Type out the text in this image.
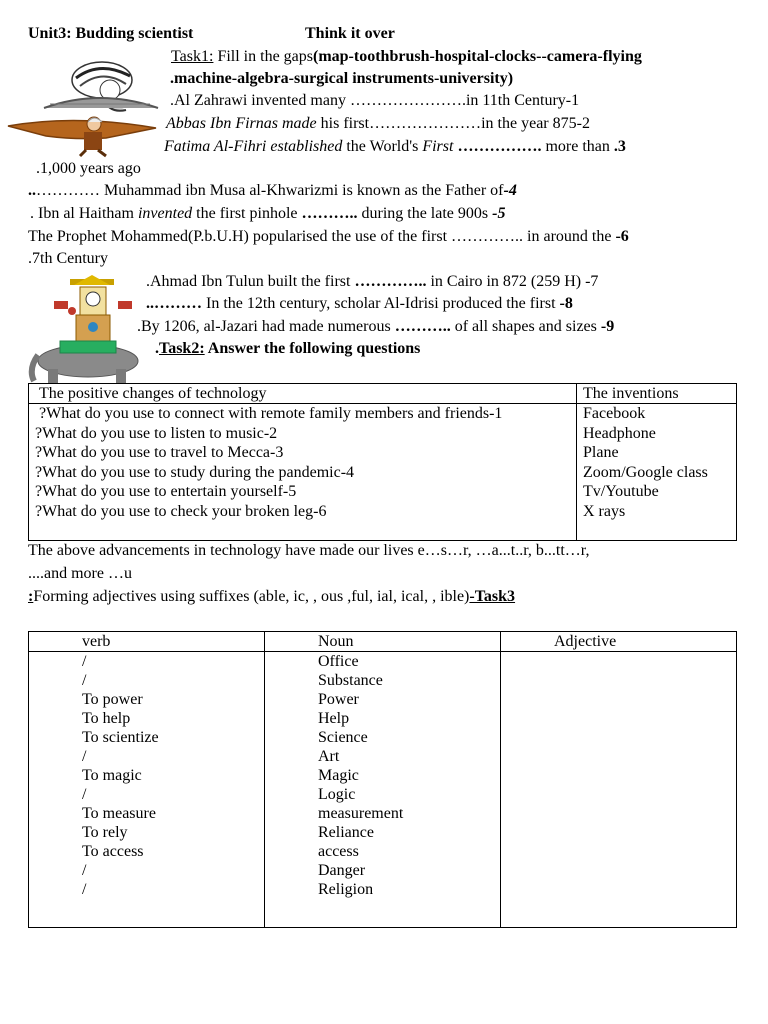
Unit3: Budding scientist	Think it over
Task1: Fill in the gaps(map-toothbrush-hospital-clocks--camera-flying
.machine-algebra-surgical instruments-university)
.Al Zahrawi invented many ………………….in 11th Century-1
Abbas Ibn Firnas made his first…………………in the year 875-2
Fatima Al-Fihri established the World's First ……………. more than .3
.1,000 years ago
..………… Muhammad ibn Musa al-Khwarizmi is known as the Father of-4
. Ibn al Haitham invented the first pinhole ……….. during the late 900s -5
The Prophet Mohammed(P.b.U.H) popularised the use of the first ………….. in around the -6
.7th Century
.Ahmad Ibn Tulun built the first ………….. in Cairo in 872 (259 H) -7
..……… In the 12th century, scholar Al-Idrisi produced the first -8
.By 1206, al-Jazari had made numerous ……….. of all shapes and sizes -9
.Task2: Answer the following questions
The positive changes of technology	The inventions
?What do you use to connect with remote family members and friends-1	Facebook
?What do you use to listen to music-2	Headphone
?What do you use to travel to Mecca-3	Plane
?What do you use to study during the pandemic-4	Zoom/Google class
?What do you use to entertain yourself-5	Tv/Youtube
?What do you use to check your broken leg-6	X rays
The above advancements in technology have made our lives e…s…r, …a...t..r, b...tt…r,
....and more …u
:Forming adjectives using suffixes (able, ic, , ous ,ful, ial, ical, , ible)-Task3
verb	Noun	Adjective
/	Office	
/	Substance	
To power	Power	
To help	Help	
To scientize	Science	
/	Art	
To magic	Magic	
/	Logic	
To measure	measurement	
To rely	Reliance	
To access	access	
/	Danger	
/	Religion	
